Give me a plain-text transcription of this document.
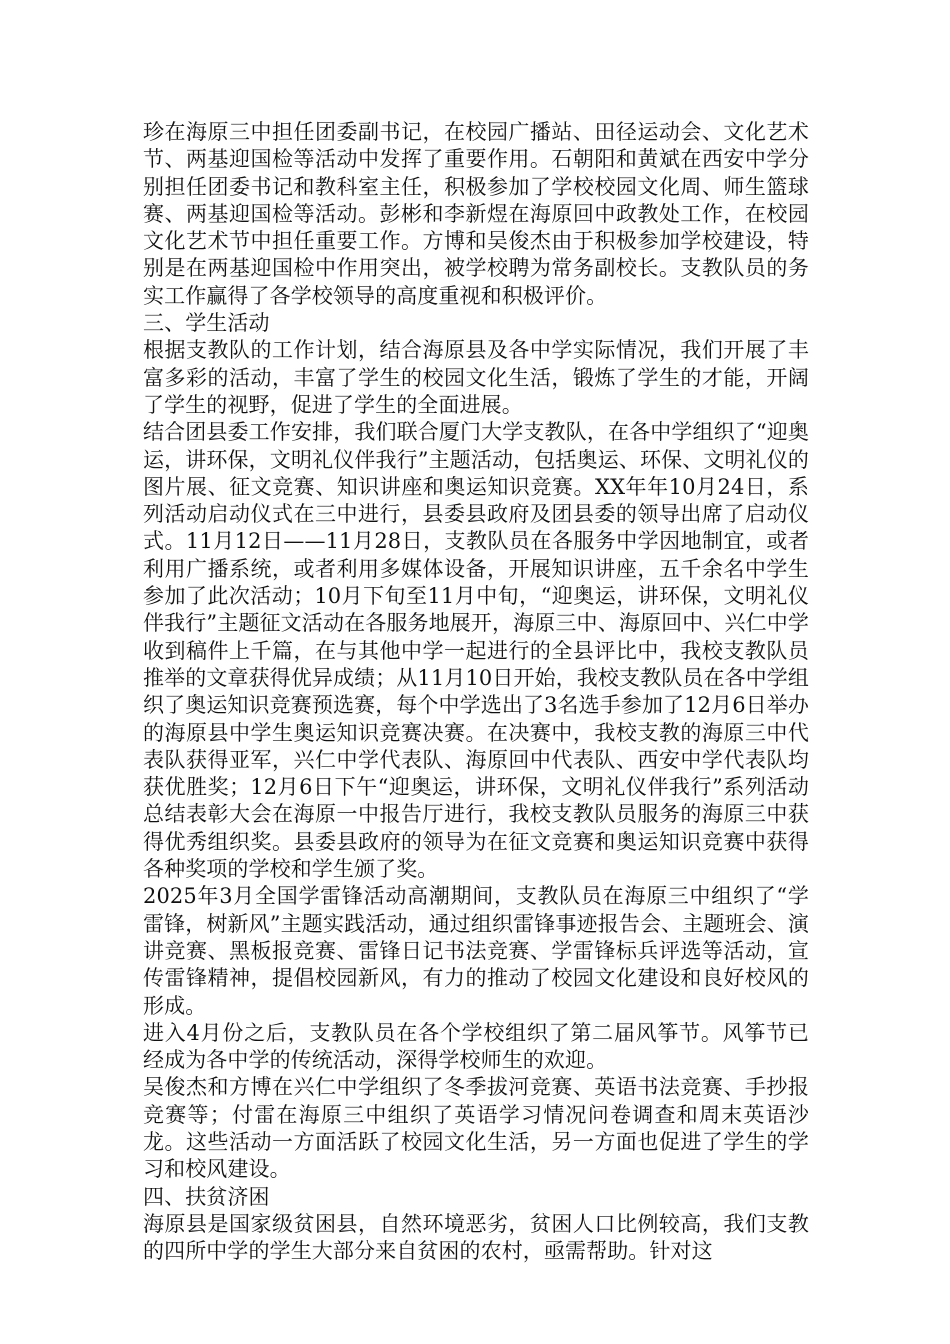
珍在海原三中担任团委副书记，在校园广播站、田径运动会、文化艺术节、两基迎国检等活动中发挥了重要作用。石朝阳和黄斌在西安中学分别担任团委书记和教科室主任，积极参加了学校校园文化周、师生篮球赛、两基迎国检等活动。彭彬和李新煜在海原回中政教处工作，在校园文化艺术节中担任重要工作。方博和吴俊杰由于积极参加学校建设，特别是在两基迎国检中作用突出，被学校聘为常务副校长。支教队员的务实工作赢得了各学校领导的高度重视和积极评价。

三、学生活动

根据支教队的工作计划，结合海原县及各中学实际情况，我们开展了丰富多彩的活动，丰富了学生的校园文化生活，锻炼了学生的才能，开阔了学生的视野，促进了学生的全面进展。

结合团县委工作安排，我们联合厦门大学支教队，在各中学组织了“迎奥运，讲环保，文明礼仪伴我行”主题活动，包括奥运、环保、文明礼仪的图片展、征文竞赛、知识讲座和奥运知识竞赛。XX年年10月24日，系列活动启动仪式在三中进行，县委县政府及团县委的领导出席了启动仪式。11月12日——11月28日，支教队员在各服务中学因地制宜，或者利用广播系统，或者利用多媒体设备，开展知识讲座，五千余名中学生参加了此次活动；10月下旬至11月中旬，“迎奥运，讲环保，文明礼仪伴我行”主题征文活动在各服务地展开，海原三中、海原回中、兴仁中学收到稿件上千篇，在与其他中学一起进行的全县评比中，我校支教队员推举的文章获得优异成绩；从11月10日开始，我校支教队员在各中学组织了奥运知识竞赛预选赛，每个中学选出了3名选手参加了12月6日举办的海原县中学生奥运知识竞赛决赛。在决赛中，我校支教的海原三中代表队获得亚军，兴仁中学代表队、海原回中代表队、西安中学代表队均获优胜奖；12月6日下午“迎奥运，讲环保，文明礼仪伴我行”系列活动总结表彰大会在海原一中报告厅进行，我校支教队员服务的海原三中获得优秀组织奖。县委县政府的领导为在征文竞赛和奥运知识竞赛中获得各种奖项的学校和学生颁了奖。

2025年3月全国学雷锋活动高潮期间，支教队员在海原三中组织了“学雷锋，树新风”主题实践活动，通过组织雷锋事迹报告会、主题班会、演讲竞赛、黑板报竞赛、雷锋日记书法竞赛、学雷锋标兵评选等活动，宣传雷锋精神，提倡校园新风，有力的推动了校园文化建设和良好校风的形成。

进入4月份之后，支教队员在各个学校组织了第二届风筝节。风筝节已经成为各中学的传统活动，深得学校师生的欢迎。

吴俊杰和方博在兴仁中学组织了冬季拔河竞赛、英语书法竞赛、手抄报竞赛等；付雷在海原三中组织了英语学习情况问卷调查和周末英语沙龙。这些活动一方面活跃了校园文化生活，另一方面也促进了学生的学习和校风建设。

四、扶贫济困

海原县是国家级贫困县，自然环境恶劣，贫困人口比例较高，我们支教的四所中学的学生大部分来自贫困的农村，亟需帮助。针对这
